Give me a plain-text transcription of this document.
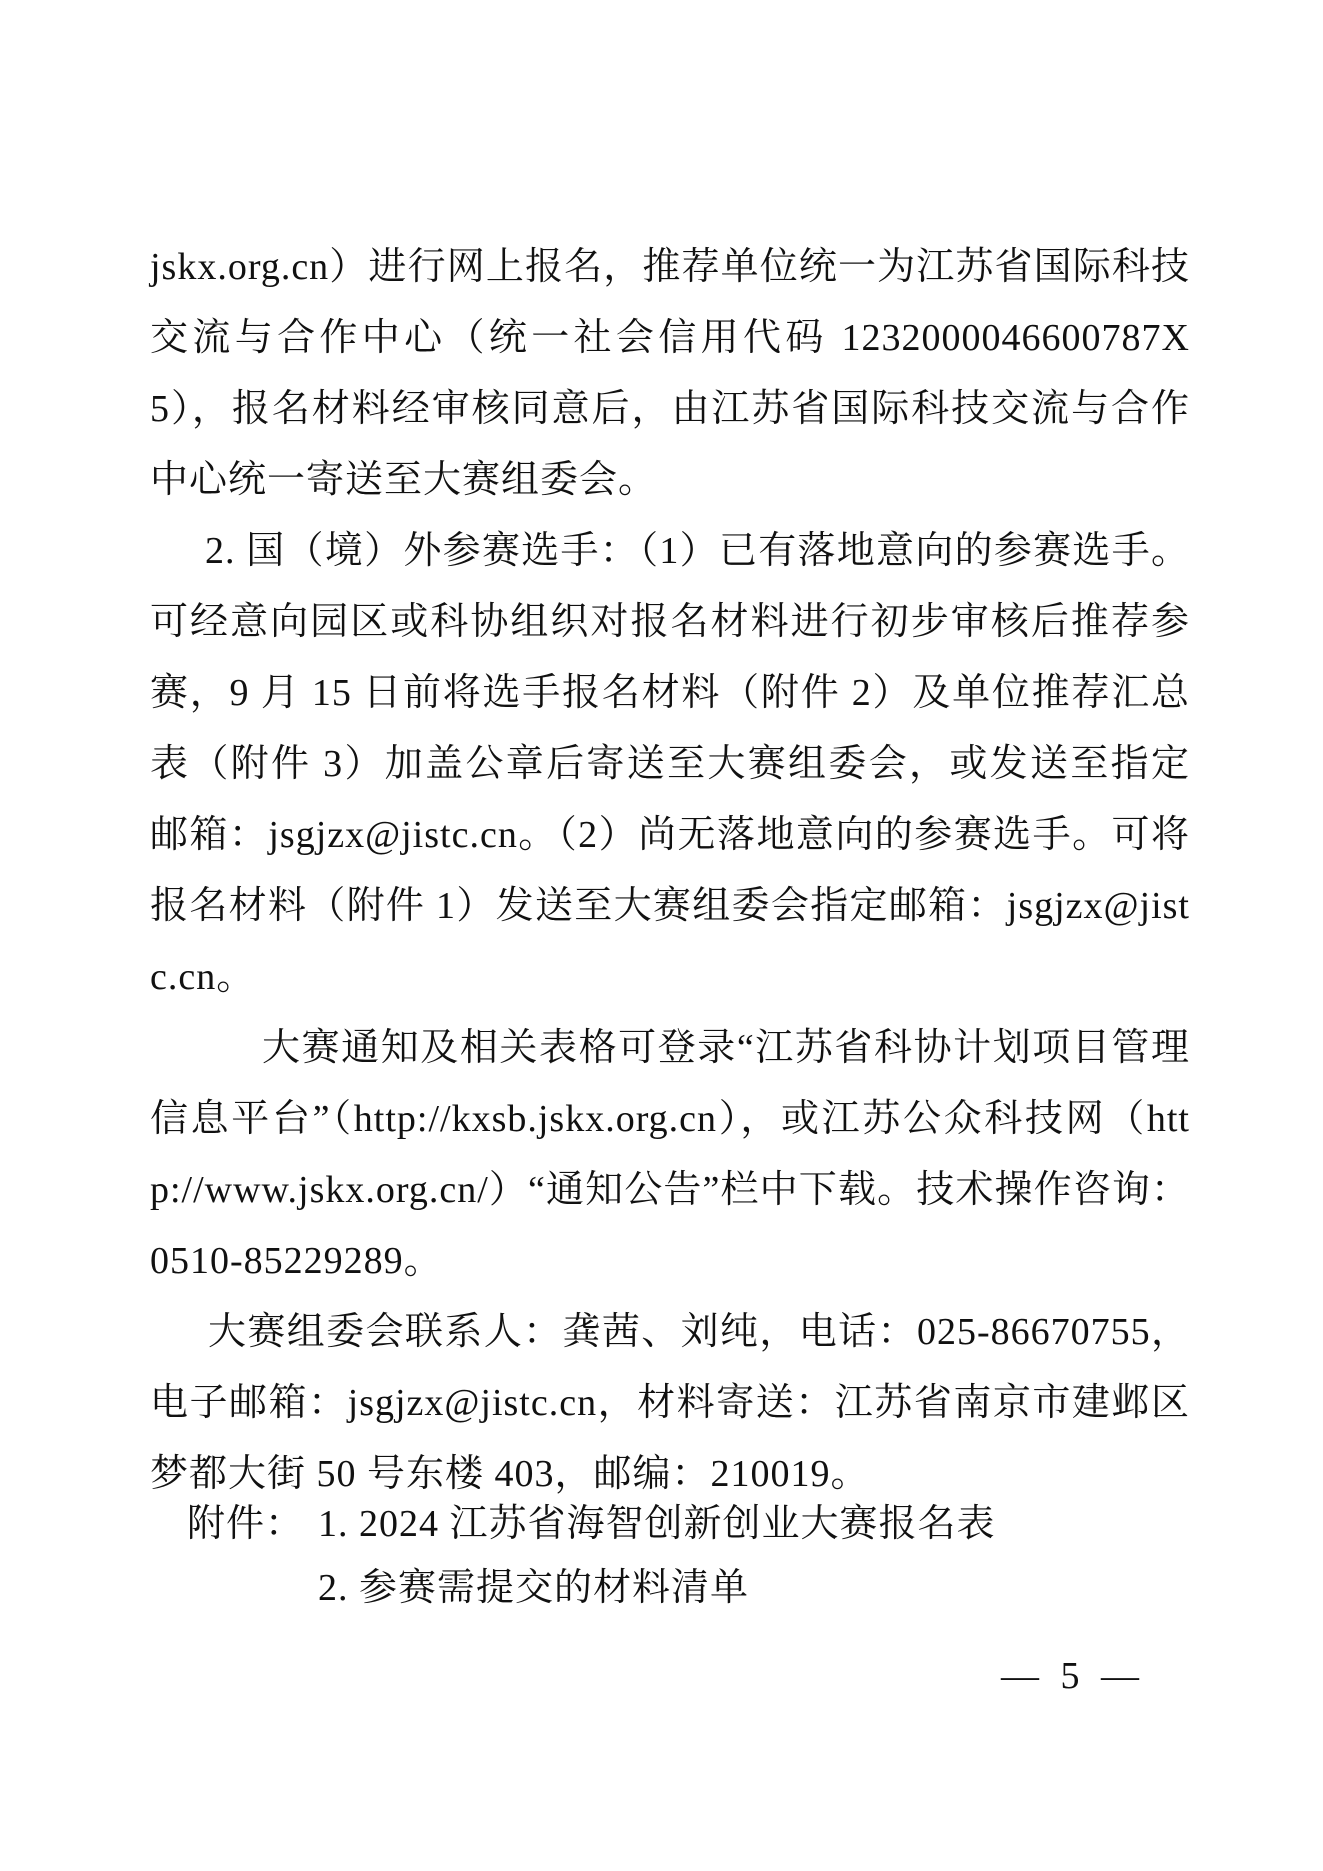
jskx.org.cn）进行网上报名，推荐单位统一为江苏省国际科技交流与合作中心（统一社会信用代码 1232000046600787X5），报名材料经审核同意后，由江苏省国际科技交流与合作中心统一寄送至大赛组委会。

2. 国（境）外参赛选手：（1）已有落地意向的参赛选手。可经意向园区或科协组织对报名材料进行初步审核后推荐参赛，9 月 15 日前将选手报名材料（附件 2）及单位推荐汇总表（附件 3）加盖公章后寄送至大赛组委会，或发送至指定邮箱：jsgjzx@jistc.cn。（2）尚无落地意向的参赛选手。可将报名材料（附件 1）发送至大赛组委会指定邮箱：jsgjzx@jistc.cn。

大赛通知及相关表格可登录“江苏省科协计划项目管理信息平台”（http://kxsb.jskx.org.cn），或江苏公众科技网（http://www.jskx.org.cn/）“通知公告”栏中下载。技术操作咨询：0510-85229289。

大赛组委会联系人：龚茜、刘纯，电话：025-86670755，电子邮箱：jsgjzx@jistc.cn，材料寄送：江苏省南京市建邺区梦都大街 50 号东楼 403，邮编：210019。

附件： 1. 2024 江苏省海智创新创业大赛报名表
2. 参赛需提交的材料清单
— 5 —
